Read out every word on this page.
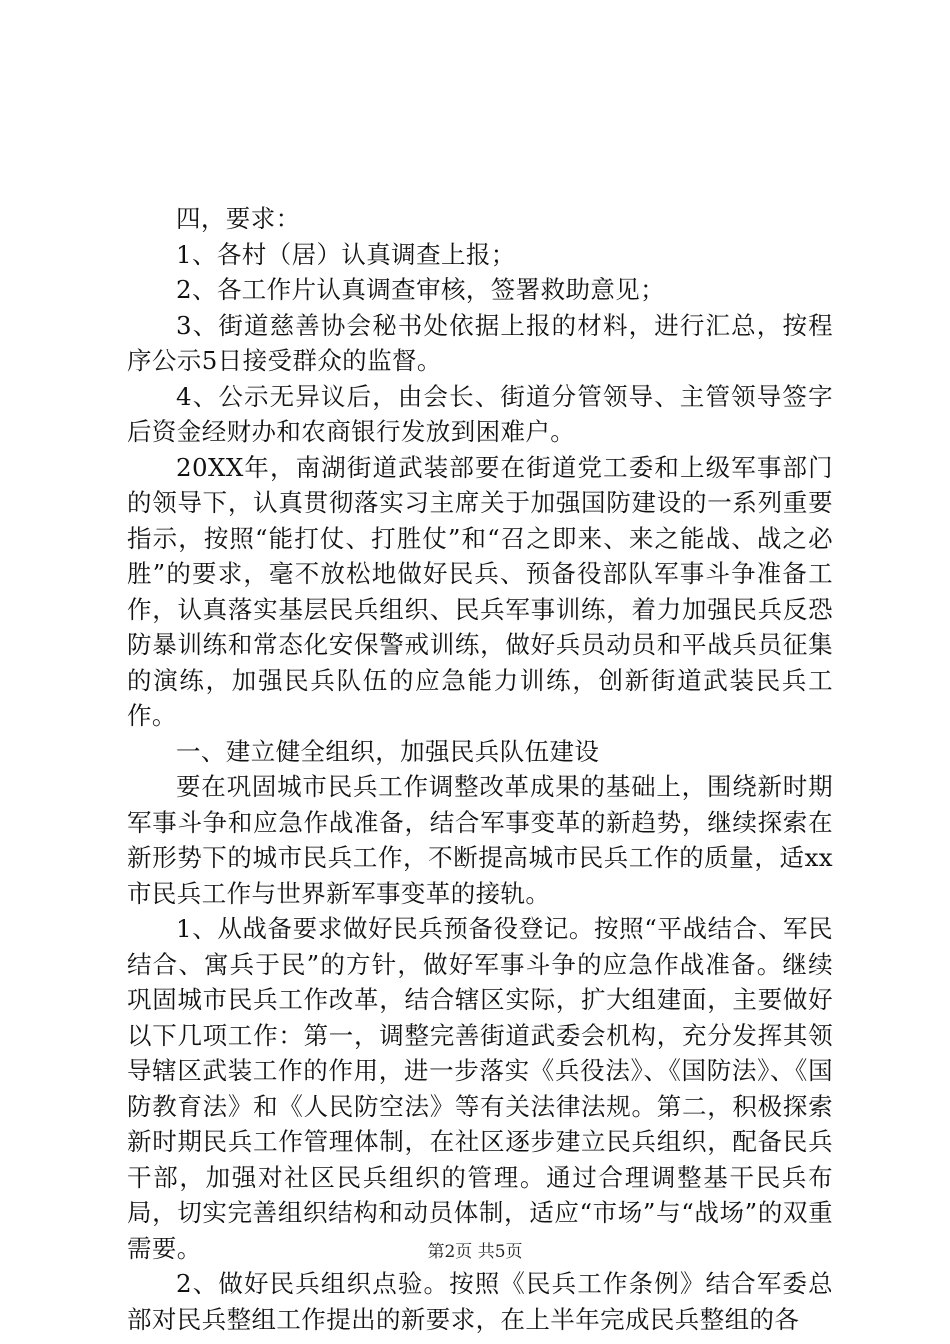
四，要求：

1、各村（居）认真调查上报；

2、各工作片认真调查审核，签署救助意见；

3、街道慈善协会秘书处依据上报的材料，进行汇总，按程序公示5日接受群众的监督。

4、公示无异议后，由会长、街道分管领导、主管领导签字后资金经财办和农商银行发放到困难户。

20XX年，南湖街道武装部要在街道党工委和上级军事部门的领导下，认真贯彻落实习主席关于加强国防建设的一系列重要指示，按照“能打仗、打胜仗”和“召之即来、来之能战、战之必胜”的要求，毫不放松地做好民兵、预备役部队军事斗争准备工作，认真落实基层民兵组织、民兵军事训练，着力加强民兵反恐防暴训练和常态化安保警戒训练，做好兵员动员和平战兵员征集的演练，加强民兵队伍的应急能力训练，创新街道武装民兵工作。

一、建立健全组织，加强民兵队伍建设

要在巩固城市民兵工作调整改革成果的基础上，围绕新时期军事斗争和应急作战准备，结合军事变革的新趋势，继续探索在新形势下的城市民兵工作，不断提高城市民兵工作的质量，适xx市民兵工作与世界新军事变革的接轨。

1、从战备要求做好民兵预备役登记。按照“平战结合、军民结合、寓兵于民”的方针，做好军事斗争的应急作战准备。继续巩固城市民兵工作改革，结合辖区实际，扩大组建面，主要做好以下几项工作：第一，调整完善街道武委会机构，充分发挥其领导辖区武装工作的作用，进一步落实《兵役法》、《国防法》、《国防教育法》和《人民防空法》等有关法律法规。第二，积极探索新时期民兵工作管理体制，在社区逐步建立民兵组织，配备民兵干部，加强对社区民兵组织的管理。通过合理调整基干民兵布局，切实完善组织结构和动员体制，适应“市场”与“战场”的双重需要。

2、做好民兵组织点验。按照《民兵工作条例》结合军委总部对民兵整组工作提出的新要求，在上半年完成民兵整组的各

第2页 共5页
